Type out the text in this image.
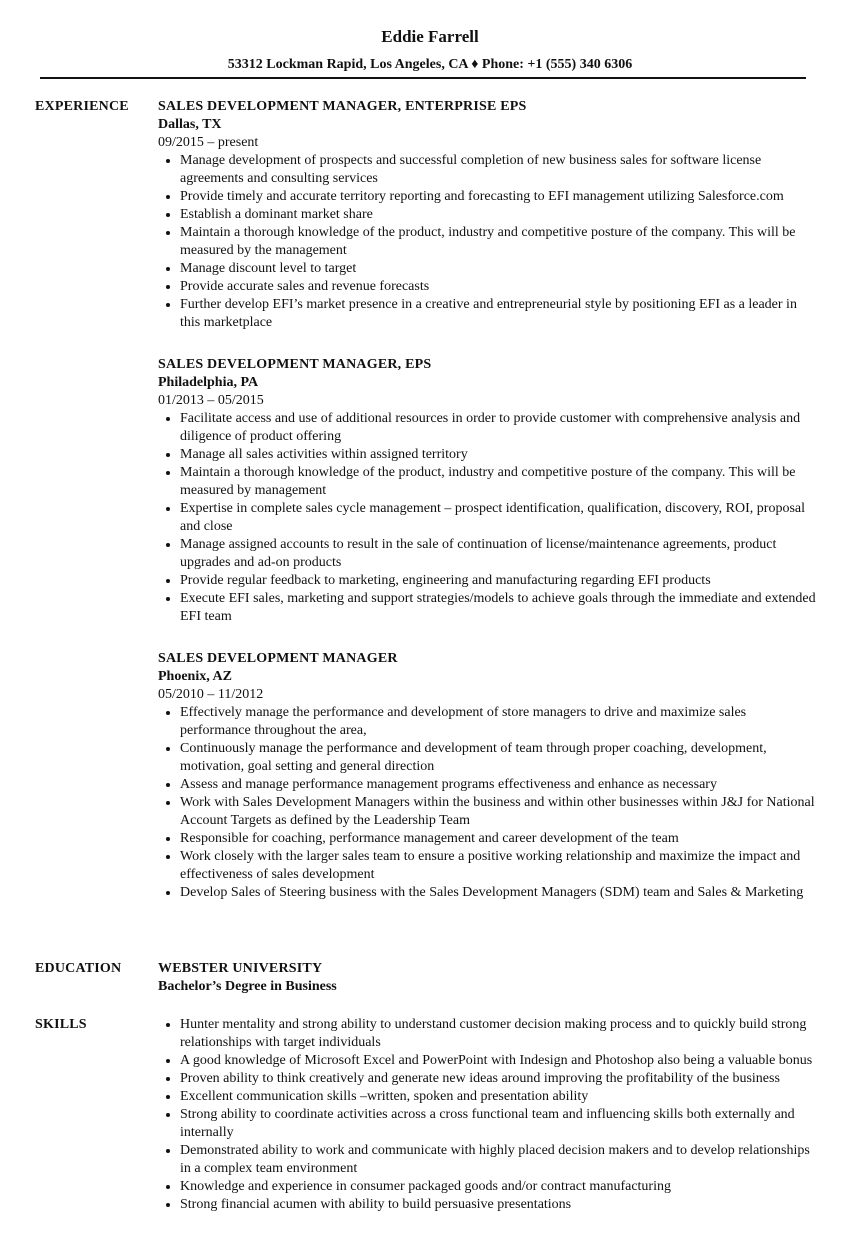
Eddie Farrell
53312 Lockman Rapid, Los Angeles, CA ♦ Phone: +1 (555) 340 6306
EXPERIENCE SALES DEVELOPMENT MANAGER, ENTERPRISE EPS
Dallas, TX
09/2015 – present
• Manage development of prospects and successful completion of new business sales for software license agreements and consulting services
• Provide timely and accurate territory reporting and forecasting to EFI management utilizing Salesforce.com
• Establish a dominant market share
• Maintain a thorough knowledge of the product, industry and competitive posture of the company. This will be measured by the management
• Manage discount level to target
• Provide accurate sales and revenue forecasts
• Further develop EFI’s market presence in a creative and entrepreneurial style by positioning EFI as a leader in this marketplace
SALES DEVELOPMENT MANAGER, EPS
Philadelphia, PA
01/2013 – 05/2015
• Facilitate access and use of additional resources in order to provide customer with comprehensive analysis and diligence of product offering
• Manage all sales activities within assigned territory
• Maintain a thorough knowledge of the product, industry and competitive posture of the company. This will be measured by management
• Expertise in complete sales cycle management – prospect identification, qualification, discovery, ROI, proposal and close
• Manage assigned accounts to result in the sale of continuation of license/maintenance agreements, product upgrades and ad-on products
• Provide regular feedback to marketing, engineering and manufacturing regarding EFI products
• Execute EFI sales, marketing and support strategies/models to achieve goals through the immediate and extended EFI team
SALES DEVELOPMENT MANAGER
Phoenix, AZ
05/2010 – 11/2012
• Effectively manage the performance and development of store managers to drive and maximize sales performance throughout the area,
• Continuously manage the performance and development of team through proper coaching, development, motivation, goal setting and general direction
• Assess and manage performance management programs effectiveness and enhance as necessary
• Work with Sales Development Managers within the business and within other businesses within J&J for National Account Targets as defined by the Leadership Team
• Responsible for coaching, performance management and career development of the team
• Work closely with the larger sales team to ensure a positive working relationship and maximize the impact and effectiveness of sales development
• Develop Sales of Steering business with the Sales Development Managers (SDM) team and Sales & Marketing
EDUCATION	WEBSTER UNIVERSITY
Bachelor’s Degree in Business
SKILLS
•	Hunter mentality and strong ability to understand customer decision making process and to quickly build strong relationships with target individuals
• A good knowledge of Microsoft Excel and PowerPoint with Indesign and Photoshop also being a valuable bonus
• Proven ability to think creatively and generate new ideas around improving the profitability of the business
• Excellent communication skills –written, spoken and presentation ability
• Strong ability to coordinate activities across a cross functional team and influencing skills both externally and internally
• Demonstrated ability to work and communicate with highly placed decision makers and to develop relationships in a complex team environment
• Knowledge and experience in consumer packaged goods and/or contract manufacturing
• Strong financial acumen with ability to build persuasive presentations
